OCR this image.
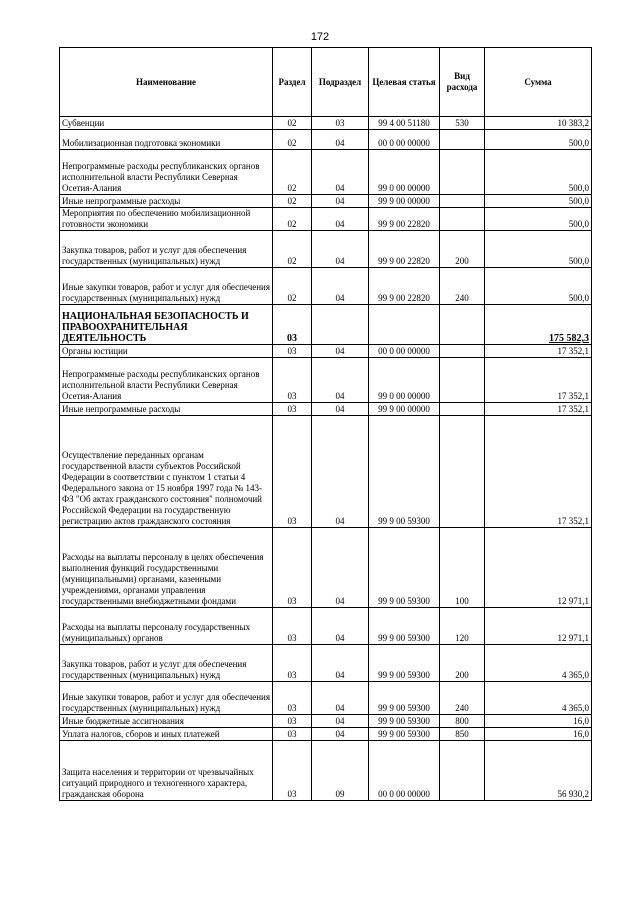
172
Наименование	Раздел	Подраздел	Целевая статья	Вид расхода	Сумма
Субвенции	02	03	99 4 00 51180	530	10 383,2
Мобилизационная подготовка экономики	02	04	00 0 00 00000		500,0
Непрограммные расходы республиканских органов исполнительной власти Республики Северная Осетия-Алания	02	04	99 0 00 00000		500,0
Иные непрограммные расходы	02	04	99 9 00 00000		500,0
Мероприятия по обеспечению мобилизационной готовности экономики	02	04	99 9 00 22820		500,0
Закупка товаров, работ и услуг для обеспечения государственных (муниципальных) нужд	02	04	99 9 00 22820	200	500,0
Иные закупки товаров, работ и услуг для обеспечения государственных (муниципальных) нужд	02	04	99 9 00 22820	240	500,0
НАЦИОНАЛЬНАЯ БЕЗОПАСНОСТЬ И ПРАВООХРАНИТЕЛЬНАЯ ДЕЯТЕЛЬНОСТЬ	03				175 582,3
Органы юстиции	03	04	00 0 00 00000		17 352,1
Непрограммные расходы республиканских органов исполнительной власти Республики Северная Осетия-Алания	03	04	99 0 00 00000		17 352,1
Иные непрограммные расходы	03	04	99 9 00 00000		17 352,1
Осуществление переданных органам государственной власти субъектов Российской Федерации в соответствии с пунктом 1 статьи 4 Федерального закона от 15 ноября 1997 года № 143-ФЗ "Об актах гражданского состояния" полномочий Российской Федерации на государственную регистрацию актов гражданского состояния	03	04	99 9 00 59300		17 352,1
Расходы на выплаты персоналу в целях обеспечения выполнения функций государственными (муниципальными) органами, казенными учреждениями, органами управления государственными внебюджетными фондами	03	04	99 9 00 59300	100	12 971,1
Расходы на выплаты персоналу государственных (муниципальных) органов	03	04	99 9 00 59300	120	12 971,1
Закупка товаров, работ и услуг для обеспечения государственных (муниципальных) нужд	03	04	99 9 00 59300	200	4 365,0
Иные закупки товаров, работ и услуг для обеспечения государственных (муниципальных) нужд	03	04	99 9 00 59300	240	4 365,0
Иные бюджетные ассигнования	03	04	99 9 00 59300	800	16,0
Уплата налогов, сборов и иных платежей	03	04	99 9 00 59300	850	16,0
Защита населения и территории от чрезвычайных ситуаций природного и техногенного характера, гражданская оборона	03	09	00 0 00 00000		56 930,2
